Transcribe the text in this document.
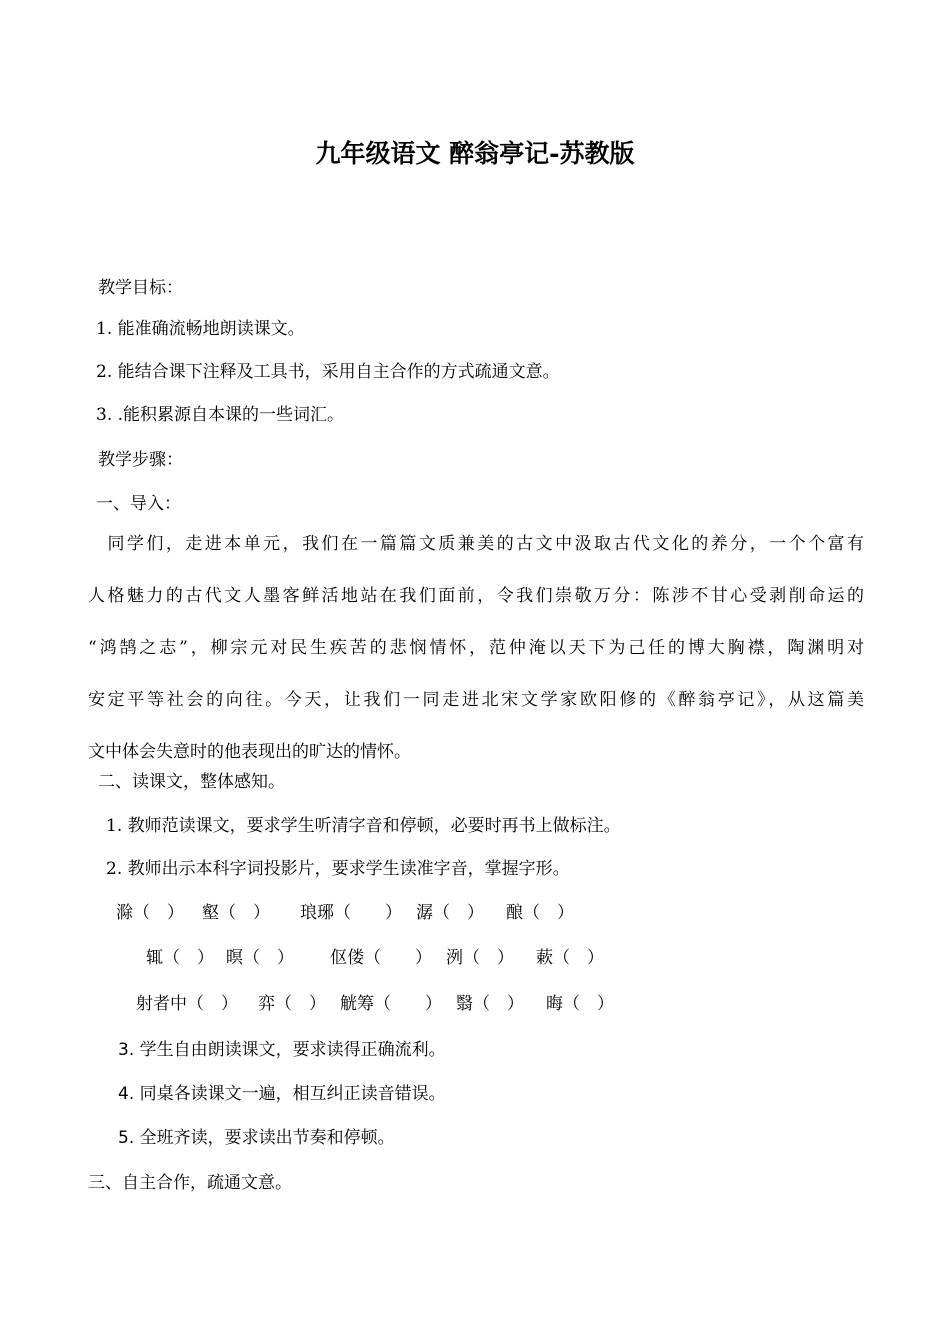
九年级语文 醉翁亭记-苏教版
教学目标：
1. 能准确流畅地朗读课文。
2. 能结合课下注释及工具书，采用自主合作的方式疏通文意。
3. .能积累源自本课的一些词汇。
教学步骤：
一、导入：
　同学们，走进本单元，我们在一篇篇文质兼美的古文中汲取古代文化的养分，一个个富有
人格魅力的古代文人墨客鲜活地站在我们面前，令我们崇敬万分：陈涉不甘心受剥削命运的
“鸿鹄之志”，柳宗元对民生疾苦的悲悯情怀，范仲淹以天下为己任的博大胸襟，陶渊明对
安定平等社会的向往。今天，让我们一同走进北宋文学家欧阳修的《醉翁亭记》，从这篇美
文中体会失意时的他表现出的旷达的情怀。
二、读课文，整体感知。
1. 教师范读课文，要求学生听清字音和停顿，必要时再书上做标注。
2. 教师出示本科字词投影片，要求学生读准字音，掌握字形。
滁（　） 壑（　） 琅琊（　　） 潺（　） 酿（　）
辄（　） 暝（　） 伛偻（　　） 洌（　） 蔌（　）
射者中（　） 弈（　） 觥筹（　　） 翳（　） 晦（　）
3. 学生自由朗读课文，要求读得正确流利。
4. 同桌各读课文一遍，相互纠正读音错误。
5. 全班齐读，要求读出节奏和停顿。
三、自主合作，疏通文意。
